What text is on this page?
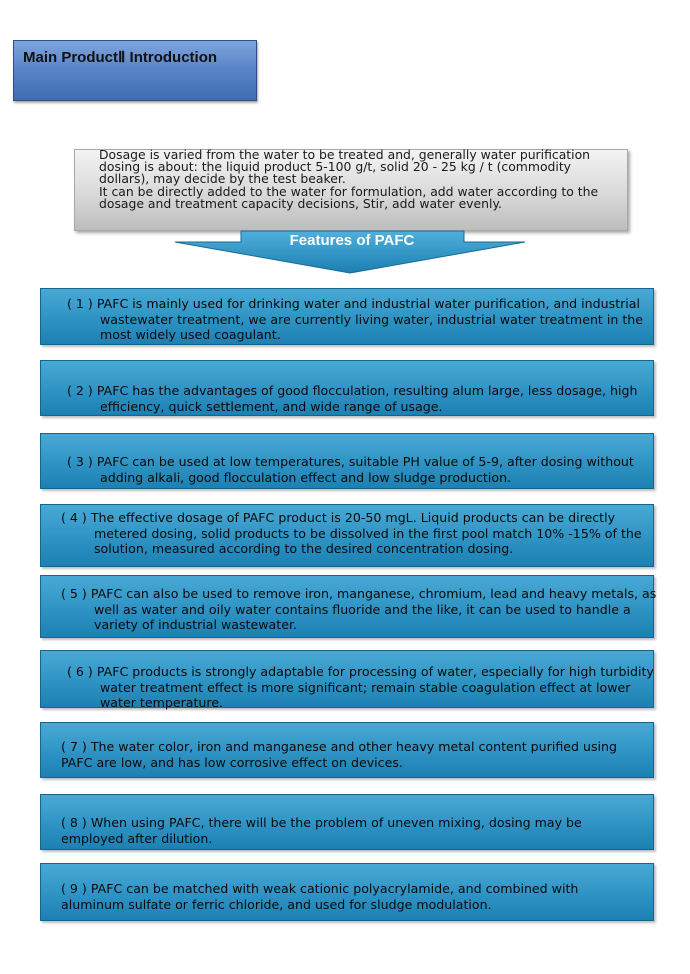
Main ProductⅡ Introduction
Dosage is varied from the water to be treated and, generally water purification dosing is about: the liquid product 5-100 g/t, solid 20 - 25 kg / t (commodity dollars), may decide by the test beaker.
It can be directly added to the water for formulation, add water according to the dosage and treatment capacity decisions, Stir, add water evenly.
Features of PAFC

( 1 ) PAFC is mainly used for drinking water and industrial water purification, and industrial wastewater treatment, we are currently living water, industrial water treatment in the most widely used coagulant.

( 2 ) PAFC has the advantages of good flocculation, resulting alum large, less dosage, high efficiency, quick settlement, and wide range of usage.

( 3 ) PAFC can be used at low temperatures, suitable PH value of 5-9, after dosing without adding alkali, good flocculation effect and low sludge production.

( 4 ) The effective dosage of PAFC product is 20-50 mgL. Liquid products can be directly metered dosing, solid products to be dissolved in the first pool match 10% -15% of the solution, measured according to the desired concentration dosing.

( 5 ) PAFC can also be used to remove iron, manganese, chromium, lead and heavy metals, as well as water and oily water contains fluoride and the like, it can be used to handle a variety of industrial wastewater.

( 6 ) PAFC products is strongly adaptable for processing of water, especially for high turbidity water treatment effect is more significant; remain stable coagulation effect at lower water temperature.

( 7 ) The water color, iron and manganese and other heavy metal content purified using PAFC are low, and has low corrosive effect on devices.

( 8 ) When using PAFC, there will be the problem of uneven mixing, dosing may be employed after dilution.

( 9 ) PAFC can be matched with weak cationic polyacrylamide, and combined with aluminum sulfate or ferric chloride, and used for sludge modulation.
